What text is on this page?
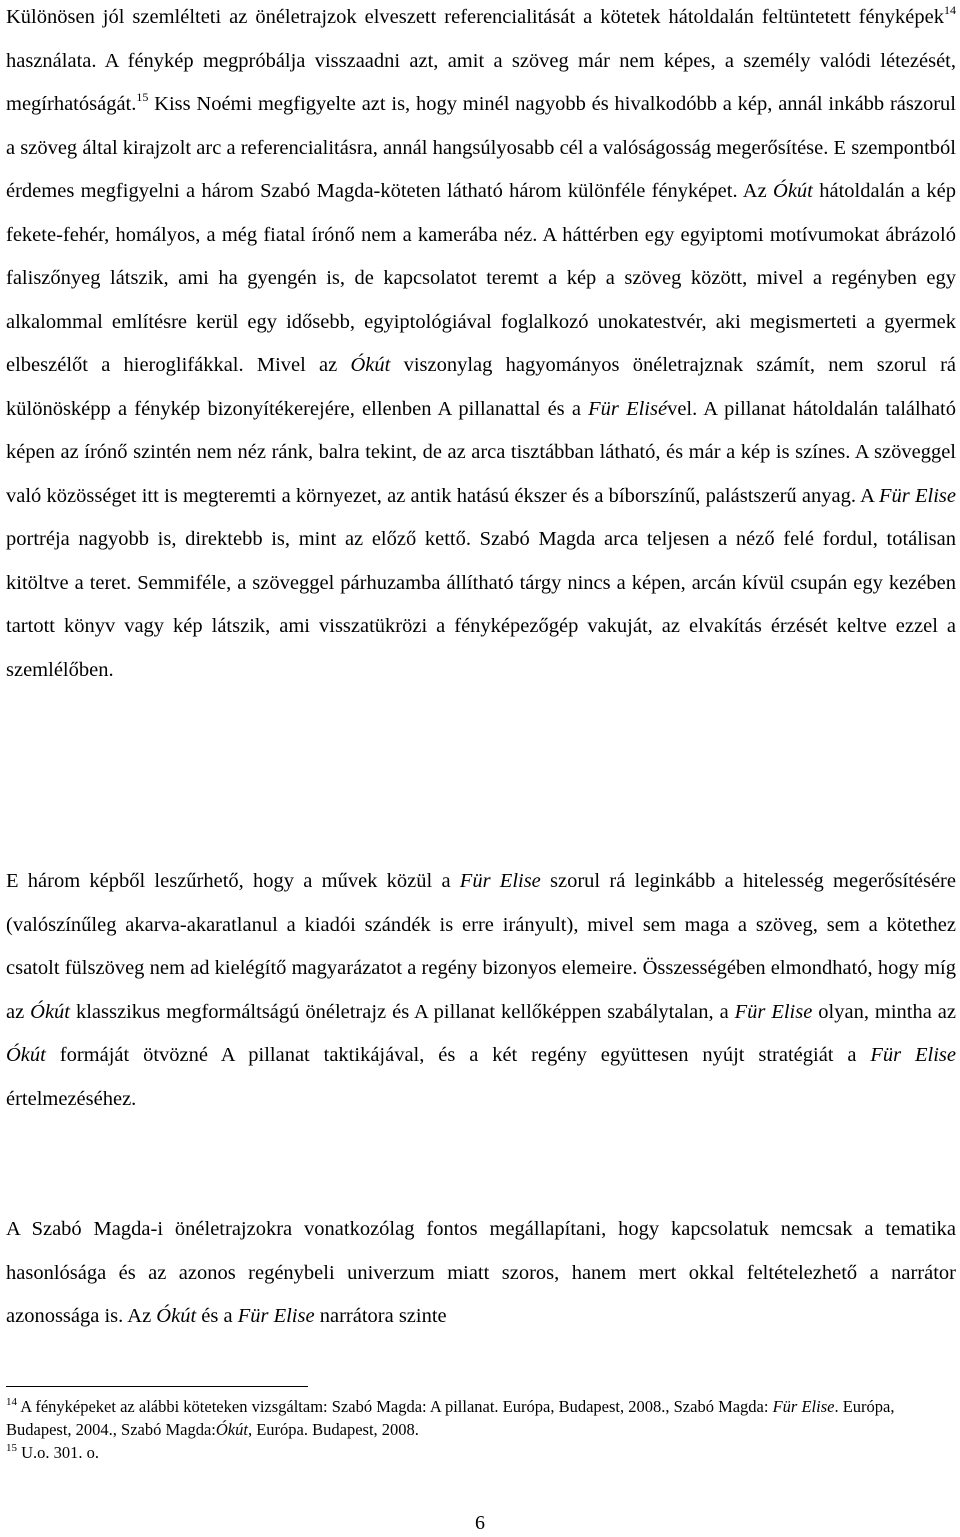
Különösen jól szemlélteti az önéletrajzok elveszett referencialitását a kötetek hátoldalán feltüntetett fényképek$^{14}$ használata. A fénykép megpróbálja visszaadni azt, amit a szöveg már nem képes, a személy valódi létezését, megírhatóságát.$^{15}$ Kiss Noémi megfigyelte azt is, hogy minél nagyobb és hivalkodóbb a kép, annál inkább rászorul a szöveg által kirajzolt arc a referencialitásra, annál hangsúlyosabb cél a valóságosság megerősítése. E szempontból érdemes megfigyelni a három Szabó Magda-köteten látható három különféle fényképet. Az Ókút hátoldalán a kép fekete-fehér, homályos, a még fiatal írónő nem a kamerába néz. A háttérben egy egyiptomi motívumokat ábrázoló faliszőnyeg látszik, ami ha gyengén is, de kapcsolatot teremt a kép a szöveg között, mivel a regényben egy alkalommal említésre kerül egy idősebb, egyiptológiával foglalkozó unokatestvér, aki megismerteti a gyermek elbeszélőt a hieroglifákkal. Mivel az Ókút viszonylag hagyományos önéletrajznak számít, nem szorul rá különösképp a fénykép bizonyítékerejére, ellenben A pillanattal és a Für Elisével. A pillanat hátoldalán található képen az írónő szintén nem néz ránk, balra tekint, de az arca tisztábban látható, és már a kép is színes. A szöveggel való közösséget itt is megteremti a környezet, az antik hatású ékszer és a bíborszínű, palástszerű anyag. A Für Elise portréja nagyobb is, direktebb is, mint az előző kettő. Szabó Magda arca teljesen a néző felé fordul, totálisan kitöltve a teret. Semmiféle, a szöveggel párhuzamba állítható tárgy nincs a képen, arcán kívül csupán egy kezében tartott könyv vagy kép látszik, ami visszatükrözi a fényképezőgép vakuját, az elvakítás érzését keltve ezzel a szemlélőben.

E három képből leszűrhető, hogy a művek közül a Für Elise szorul rá leginkább a hitelesség megerősítésére (valószínűleg akarva-akaratlanul a kiadói szándék is erre irányult), mivel sem maga a szöveg, sem a kötethez csatolt fülszöveg nem ad kielégítő magyarázatot a regény bizonyos elemeire. Összességében elmondható, hogy míg az Ókút klasszikus megformáltságú önéletrajz és A pillanat kellőképpen szabálytalan, a Für Elise olyan, mintha az Ókút formáját ötvözné A pillanat taktikájával, és a két regény együttesen nyújt stratégiát a Für Elise értelmezéséhez.

A Szabó Magda-i önéletrajzokra vonatkozólag fontos megállapítani, hogy kapcsolatuk nemcsak a tematika hasonlósága és az azonos regénybeli univerzum miatt szoros, hanem mert okkal feltételezhető a narrátor azonossága is. Az Ókút és a Für Elise narrátora szinte

$^{14}$ A fényképeket az alábbi köteteken vizsgáltam: Szabó Magda: A pillanat. Európa, Budapest, 2008., Szabó Magda: Für Elise. Európa, Budapest, 2004., Szabó Magda:Ókút, Európa. Budapest, 2008.

$^{15}$ U.o. 301. o.

6
